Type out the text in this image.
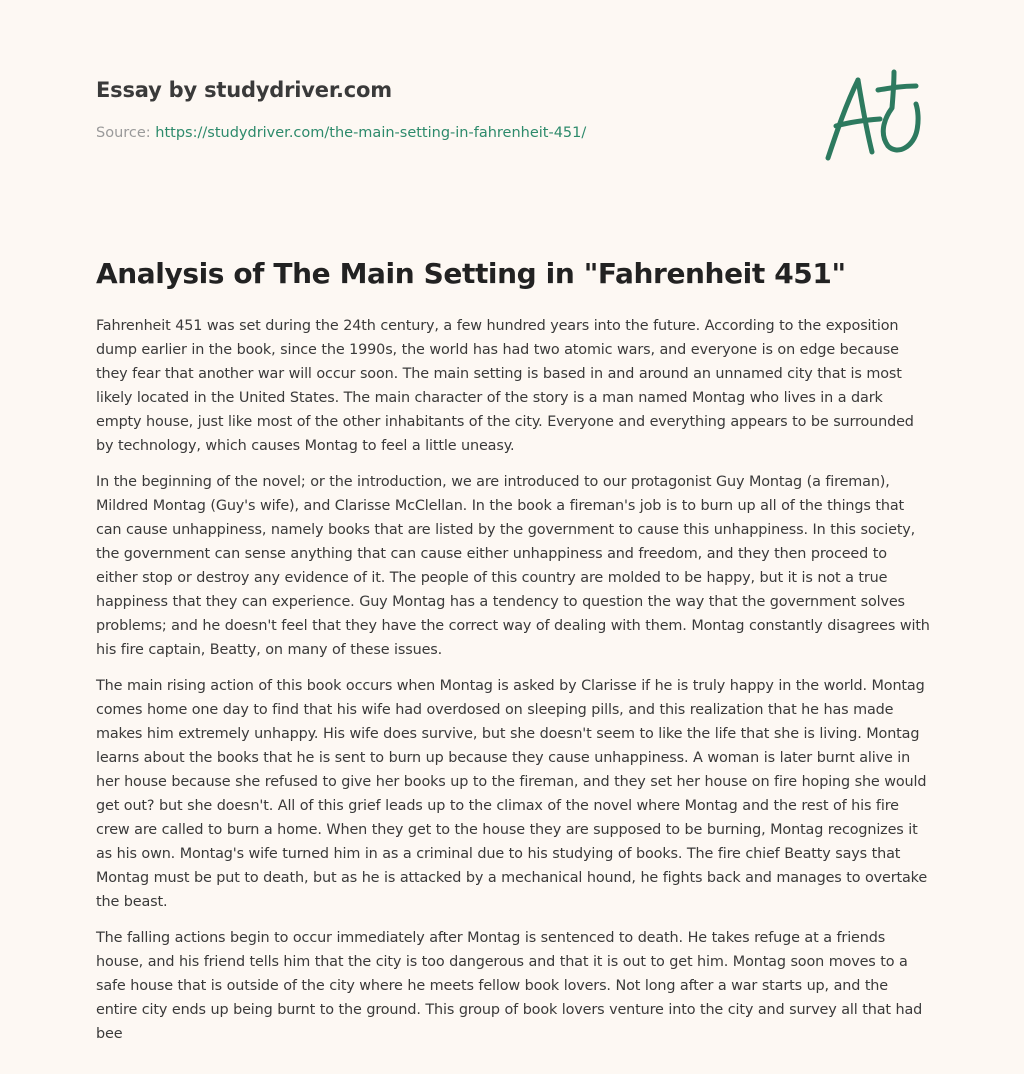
Essay by studydriver.com
Source: https://studydriver.com/the-main-setting-in-fahrenheit-451/
Analysis of The Main Setting in "Fahrenheit 451"

Fahrenheit 451 was set during the 24th century, a few hundred years into the future. According to the exposition dump earlier in the book, since the 1990s, the world has had two atomic wars, and everyone is on edge because they fear that another war will occur soon. The main setting is based in and around an unnamed city that is most likely located in the United States. The main character of the story is a man named Montag who lives in a dark empty house, just like most of the other inhabitants of the city. Everyone and everything appears to be surrounded by technology, which causes Montag to feel a little uneasy.

In the beginning of the novel; or the introduction, we are introduced to our protagonist Guy Montag (a fireman), Mildred Montag (Guy's wife), and Clarisse McClellan. In the book a fireman's job is to burn up all of the things that can cause unhappiness, namely books that are listed by the government to cause this unhappiness. In this society, the government can sense anything that can cause either unhappiness and freedom, and they then proceed to either stop or destroy any evidence of it. The people of this country are molded to be happy, but it is not a true happiness that they can experience. Guy Montag has a tendency to question the way that the government solves problems; and he doesn't feel that they have the correct way of dealing with them. Montag constantly disagrees with his fire captain, Beatty, on many of these issues.

The main rising action of this book occurs when Montag is asked by Clarisse if he is truly happy in the world. Montag comes home one day to find that his wife had overdosed on sleeping pills, and this realization that he has made makes him extremely unhappy. His wife does survive, but she doesn't seem to like the life that she is living. Montag learns about the books that he is sent to burn up because they cause unhappiness. A woman is later burnt alive in her house because she refused to give her books up to the fireman, and they set her house on fire hoping she would get out? but she doesn't. All of this grief leads up to the climax of the novel where Montag and the rest of his fire crew are called to burn a home. When they get to the house they are supposed to be burning, Montag recognizes it as his own. Montag's wife turned him in as a criminal due to his studying of books. The fire chief Beatty says that Montag must be put to death, but as he is attacked by a mechanical hound, he fights back and manages to overtake the beast.

The falling actions begin to occur immediately after Montag is sentenced to death. He takes refuge at a friends house, and his friend tells him that the city is too dangerous and that it is out to get him. Montag soon moves to a safe house that is outside of the city where he meets fellow book lovers. Not long after a war starts up, and the entire city ends up being burnt to the ground. This group of book lovers venture into the city and survey all that had bee
